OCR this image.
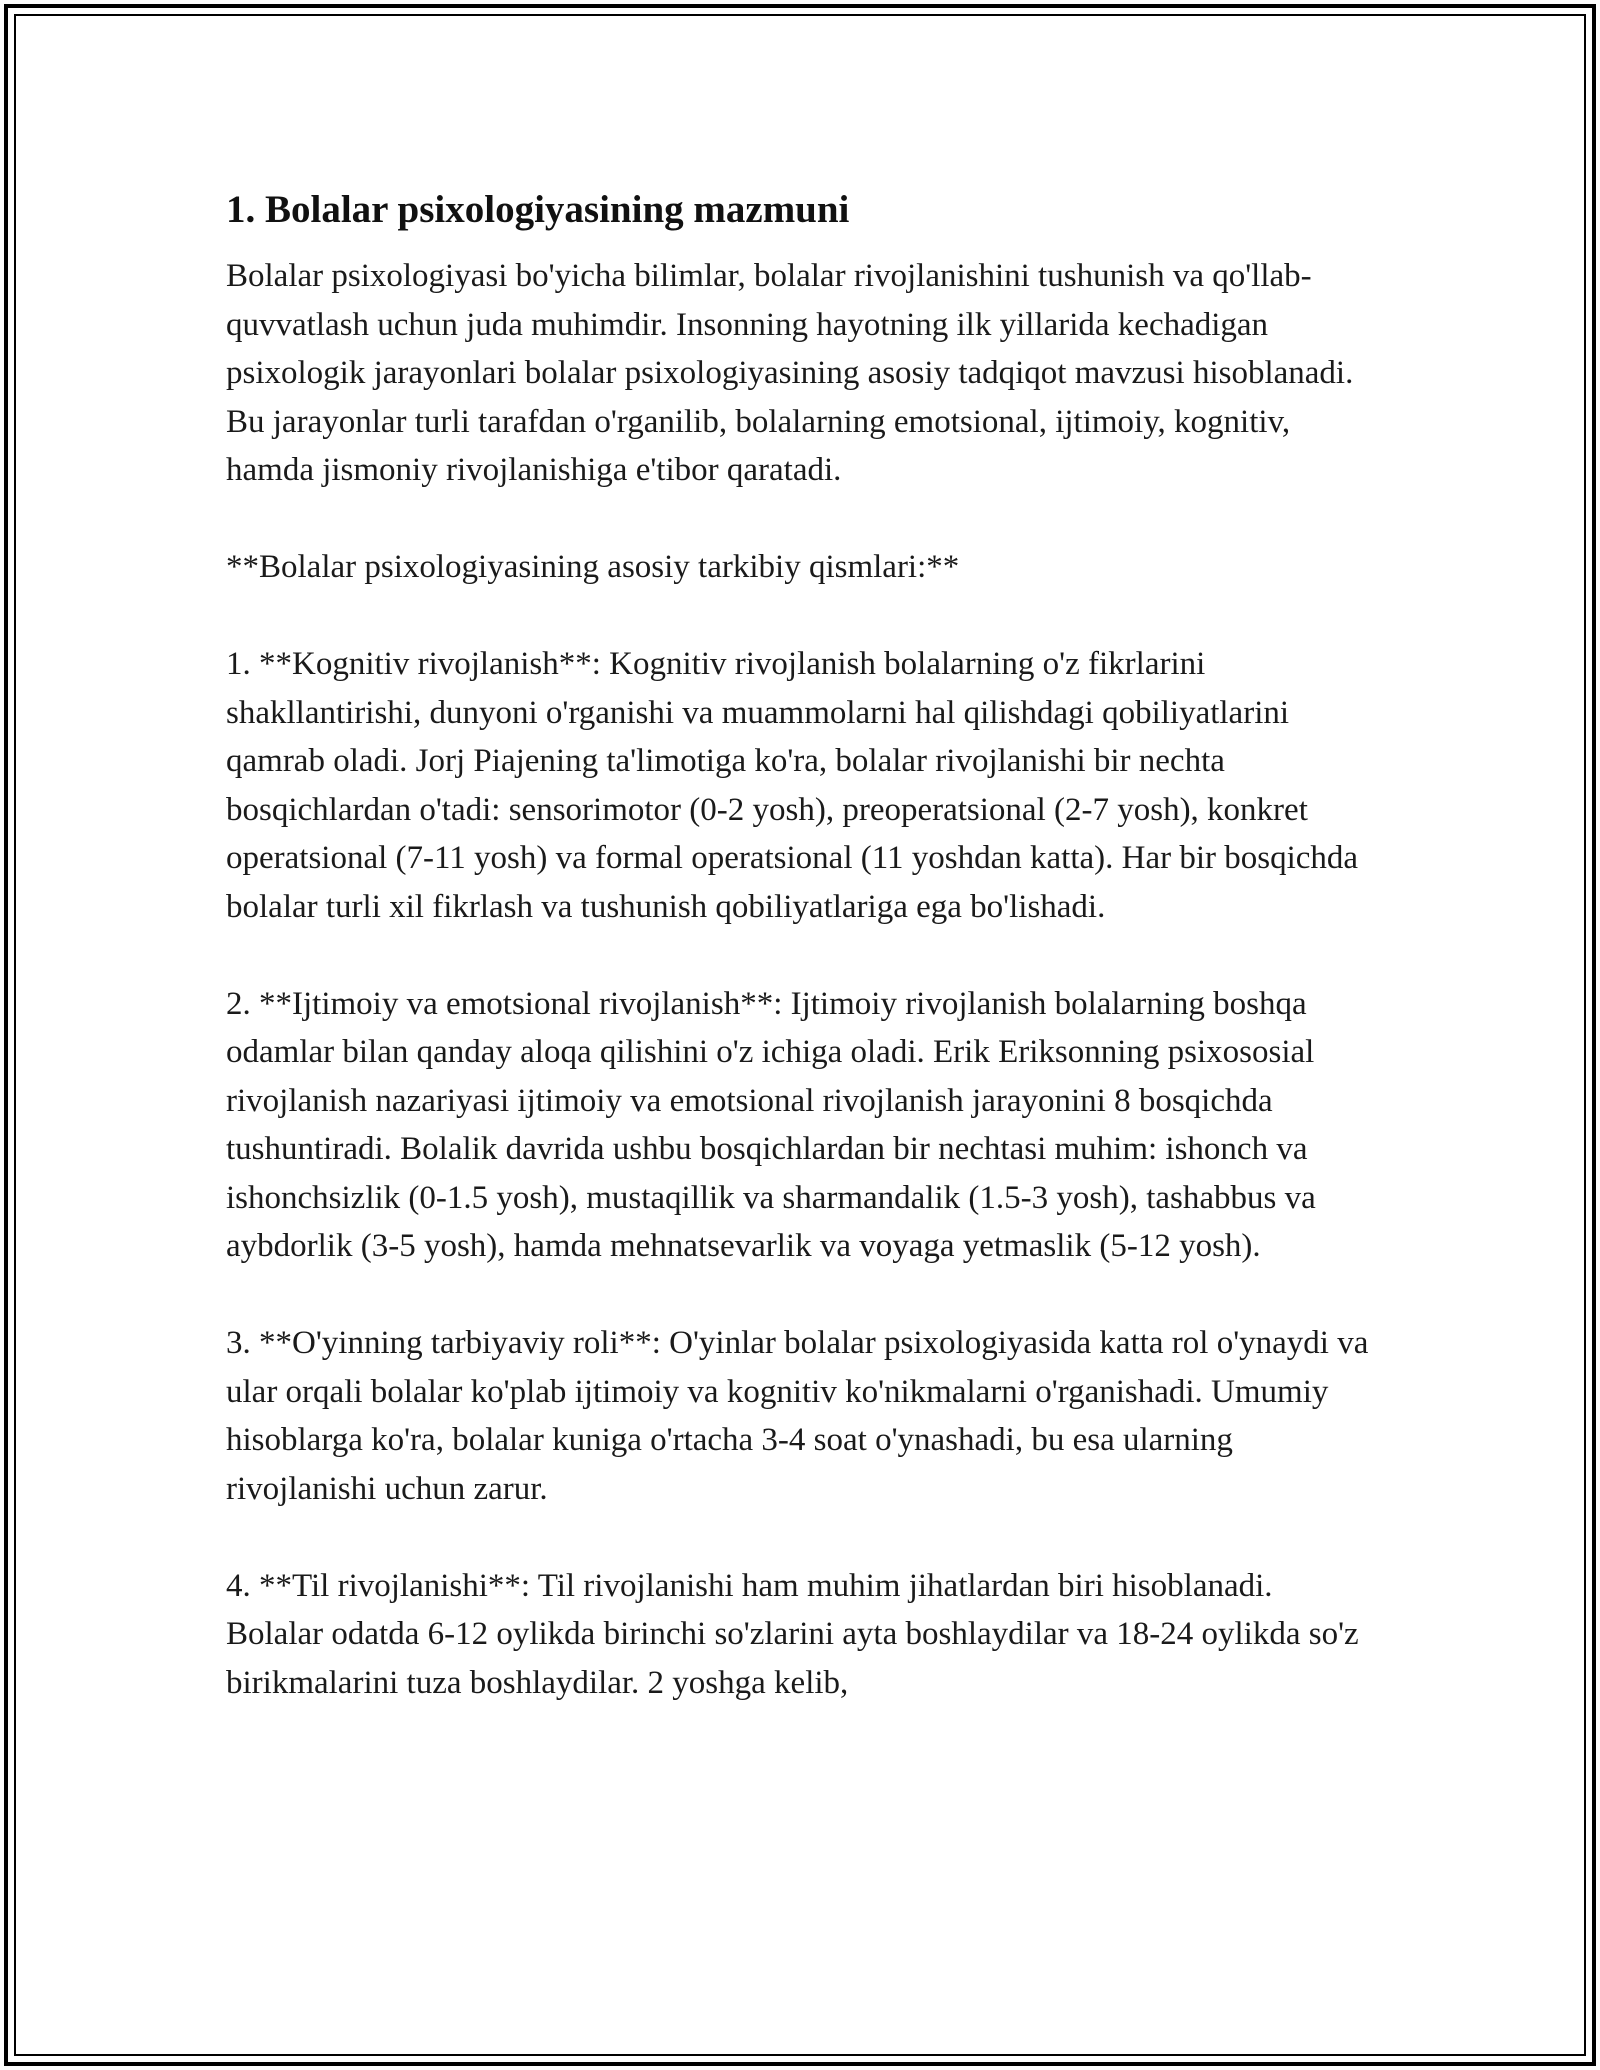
1. Bolalar psixologiyasining mazmuni

Bolalar psixologiyasi bo'yicha bilimlar, bolalar rivojlanishini tushunish va qo'llab-quvvatlash uchun juda muhimdir. Insonning hayotning ilk yillarida kechadigan psixologik jarayonlari bolalar psixologiyasining asosiy tadqiqot mavzusi hisoblanadi. Bu jarayonlar turli tarafdan o'rganilib, bolalarning emotsional, ijtimoiy, kognitiv, hamda jismoniy rivojlanishiga e'tibor qaratadi.

**Bolalar psixologiyasining asosiy tarkibiy qismlari:**

1. **Kognitiv rivojlanish**: Kognitiv rivojlanish bolalarning o'z fikrlarini shakllantirishi, dunyoni o'rganishi va muammolarni hal qilishdagi qobiliyatlarini qamrab oladi. Jorj Piajening ta'limotiga ko'ra, bolalar rivojlanishi bir nechta bosqichlardan o'tadi: sensorimotor (0-2 yosh), preoperatsional (2-7 yosh), konkret operatsional (7-11 yosh) va formal operatsional (11 yoshdan katta). Har bir bosqichda bolalar turli xil fikrlash va tushunish qobiliyatlariga ega bo'lishadi.

2. **Ijtimoiy va emotsional rivojlanish**: Ijtimoiy rivojlanish bolalarning boshqa odamlar bilan qanday aloqa qilishini o'z ichiga oladi. Erik Eriksonning psixososial rivojlanish nazariyasi ijtimoiy va emotsional rivojlanish jarayonini 8 bosqichda tushuntiradi. Bolalik davrida ushbu bosqichlardan bir nechtasi muhim: ishonch va ishonchsizlik (0-1.5 yosh), mustaqillik va sharmandalik (1.5-3 yosh), tashabbus va aybdorlik (3-5 yosh), hamda mehnatsevarlik va voyaga yetmaslik (5-12 yosh).

3. **O'yinning tarbiyaviy roli**: O'yinlar bolalar psixologiyasida katta rol o'ynaydi va ular orqali bolalar ko'plab ijtimoiy va kognitiv ko'nikmalarni o'rganishadi. Umumiy hisoblarga ko'ra, bolalar kuniga o'rtacha 3-4 soat o'ynashadi, bu esa ularning rivojlanishi uchun zarur.

4. **Til rivojlanishi**: Til rivojlanishi ham muhim jihatlardan biri hisoblanadi. Bolalar odatda 6-12 oylikda birinchi so'zlarini ayta boshlaydilar va 18-24 oylikda so'z birikmalarini tuza boshlaydilar. 2 yoshga kelib,
